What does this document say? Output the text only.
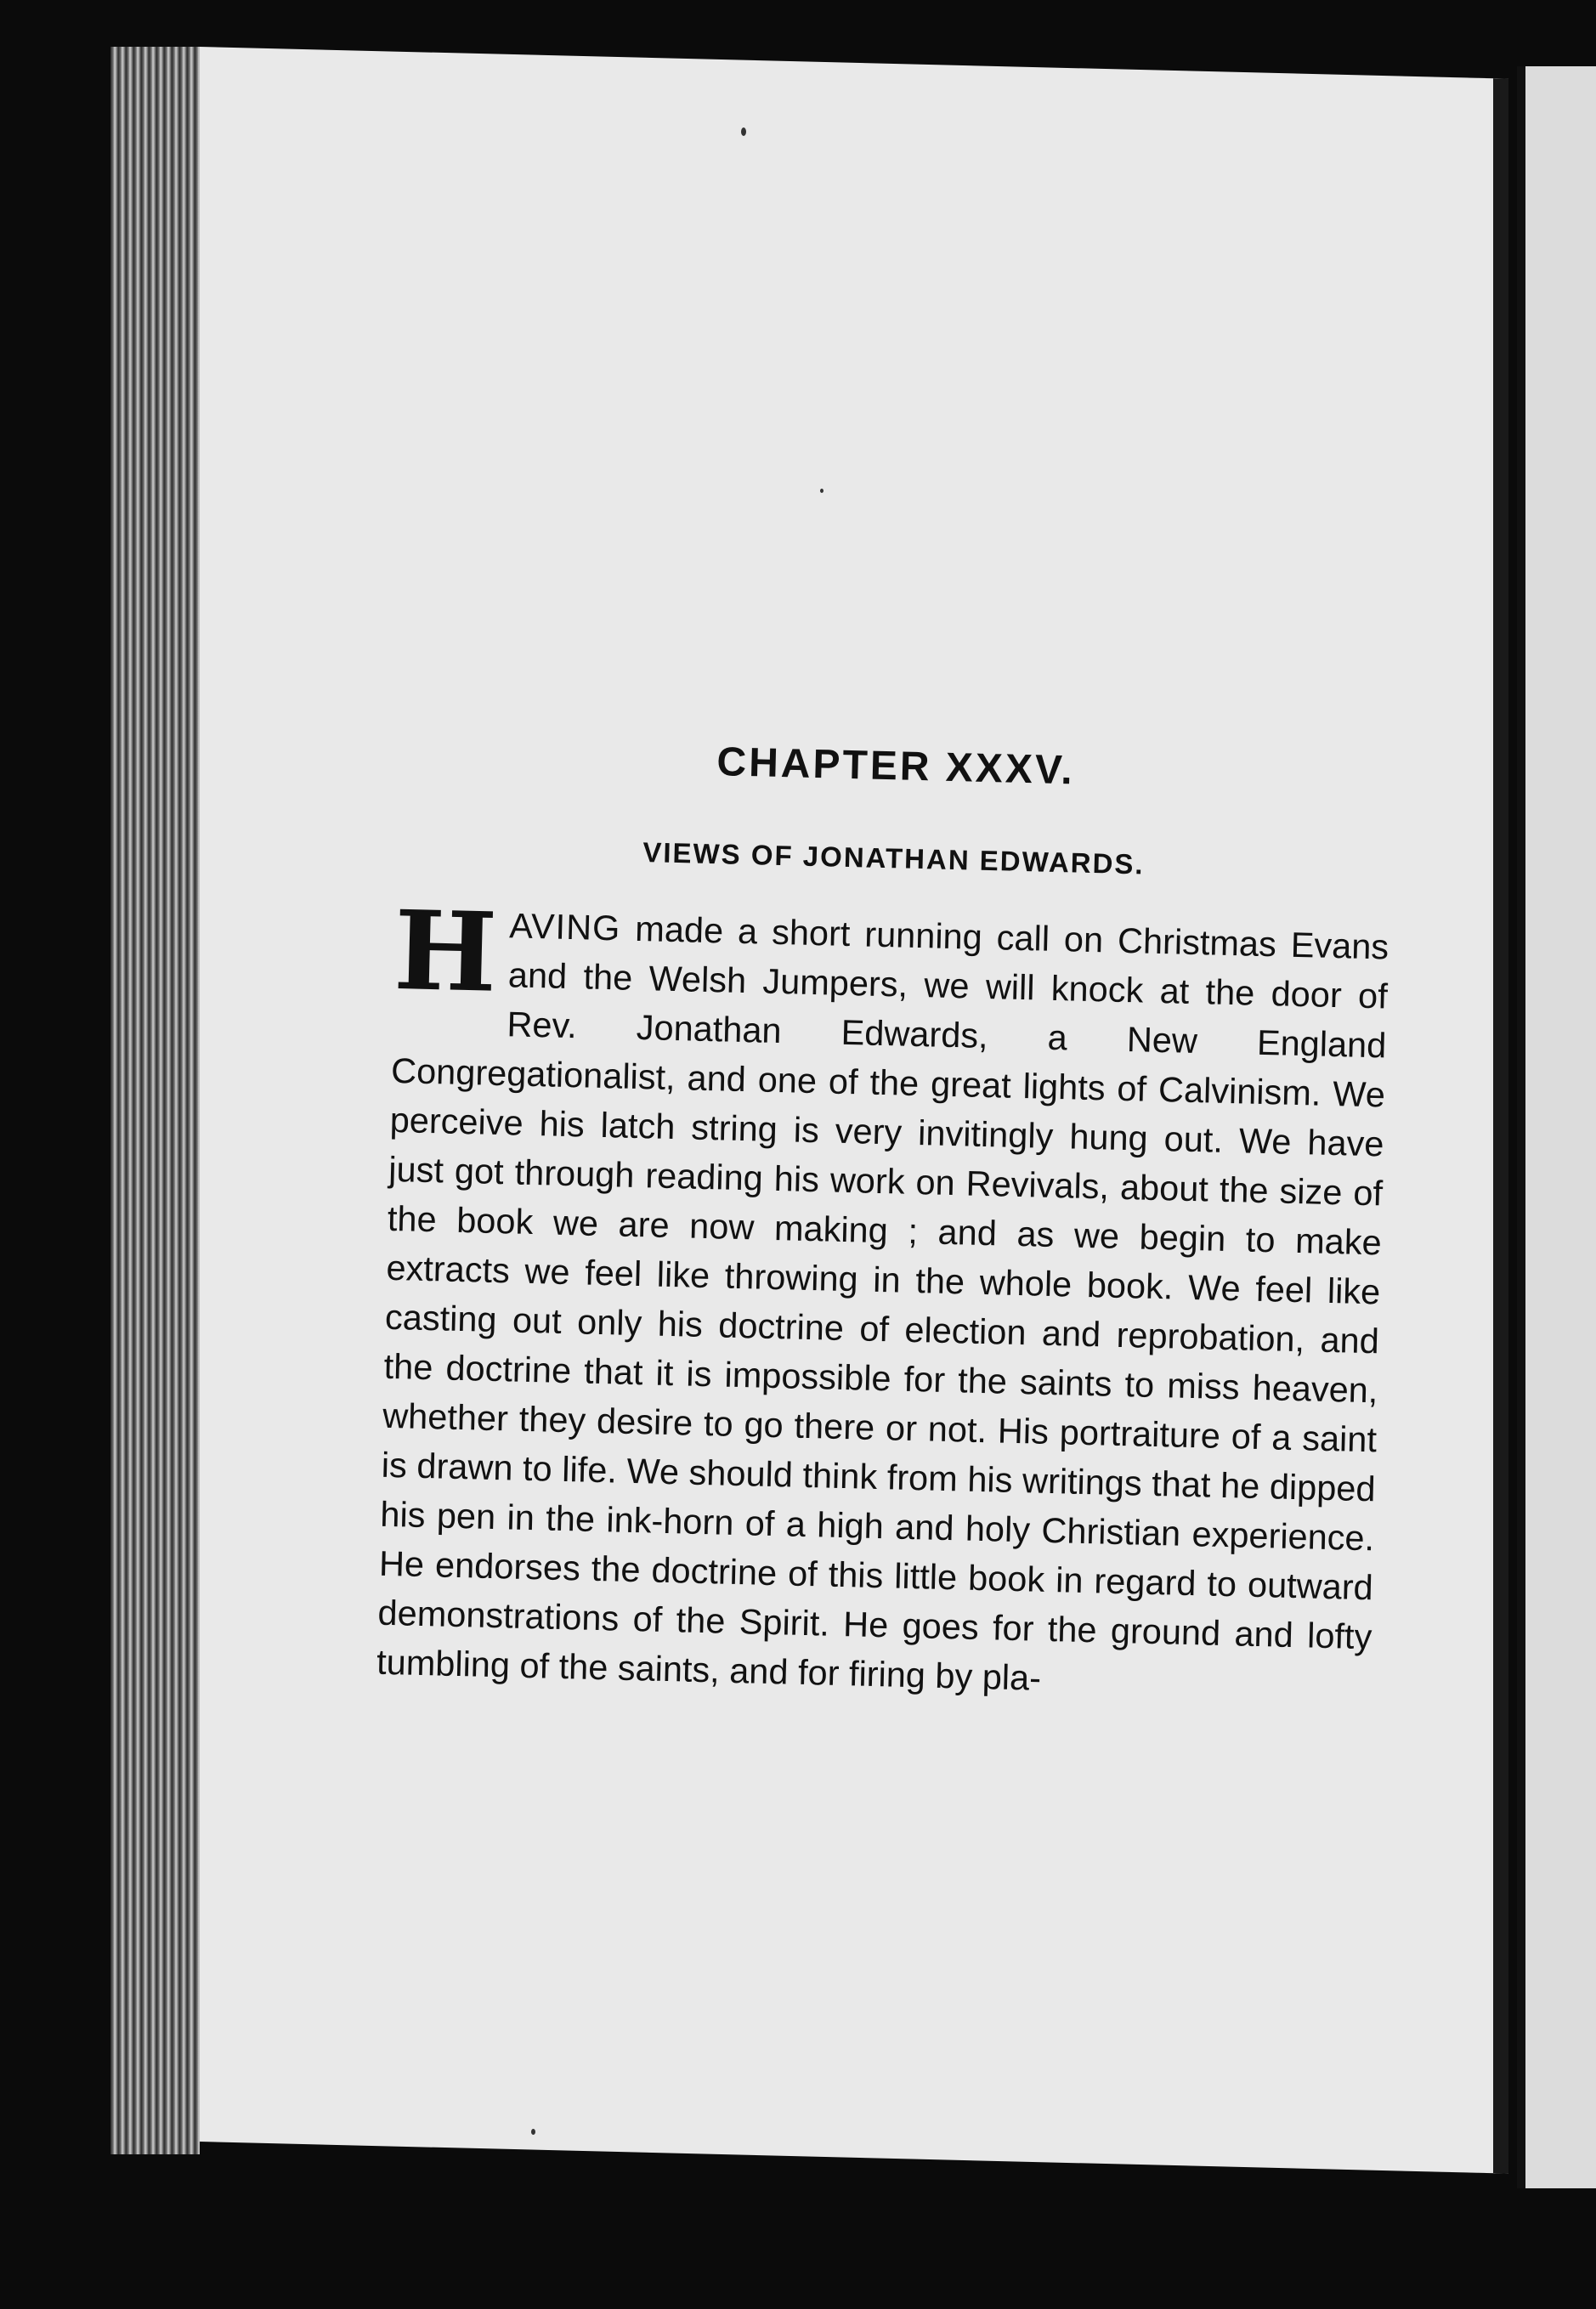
CHAPTER XXXV.
VIEWS OF JONATHAN EDWARDS.

HAVING made a short running call on Christmas Evans and the Welsh Jumpers, we will knock at the door of Rev. Jonathan Edwards, a New England Congregationalist, and one of the great lights of Calvinism. We perceive his latch string is very invitingly hung out. We have just got through reading his work on Revivals, about the size of the book we are now making ; and as we begin to make extracts we feel like throwing in the whole book. We feel like casting out only his doctrine of election and reprobation, and the doctrine that it is impossible for the saints to miss heaven, whether they desire to go there or not. His portraiture of a saint is drawn to life. We should think from his writings that he dipped his pen in the ink-horn of a high and holy Christian experience. He endorses the doctrine of this little book in regard to outward demonstrations of the Spirit. He goes for the ground and lofty tumbling of the saints, and for firing by pla-
